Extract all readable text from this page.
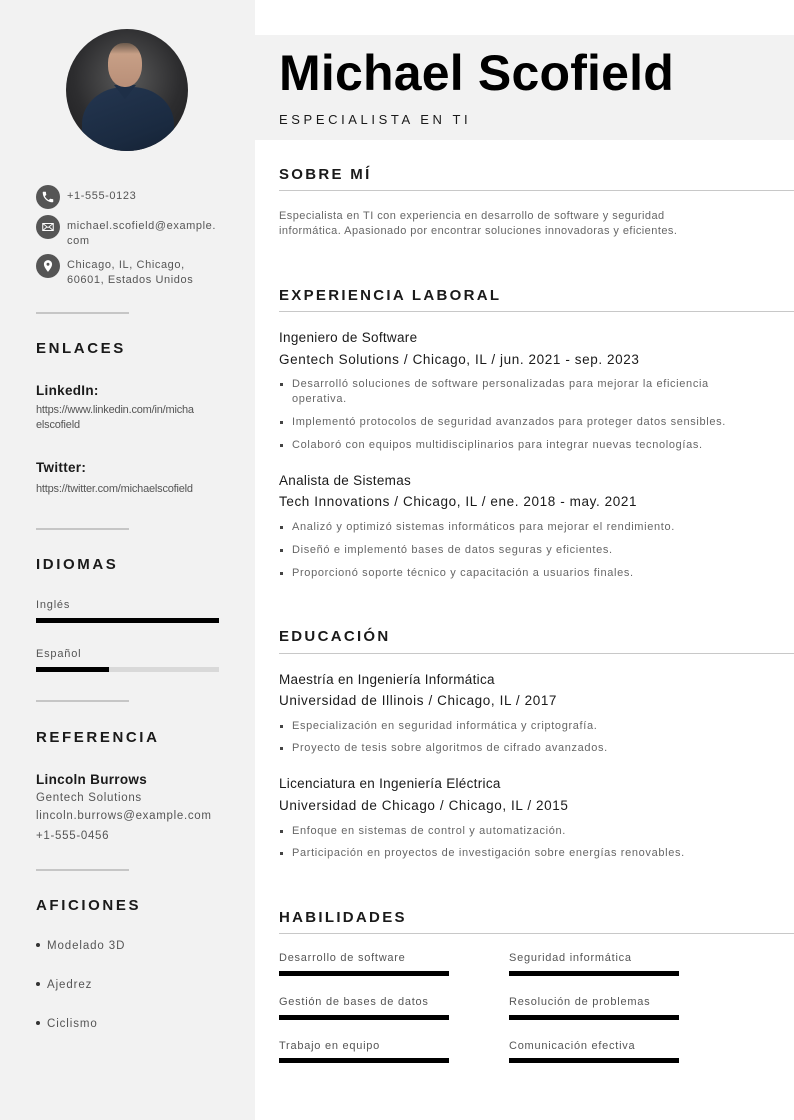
+1-555-0123
michael.scofield@example.
com
Chicago, IL, Chicago,
60601, Estados Unidos
ENLACES
LinkedIn:
https://www.linkedin.com/in/micha
elscofield
Twitter:
https://twitter.com/michaelscofield
IDIOMAS
Inglés
Español
REFERENCIA
Lincoln Burrows
Gentech Solutions
lincoln.burrows@example.com
+1-555-0456
AFICIONES
Modelado 3D
Ajedrez
Ciclismo
Michael Scofield
ESPECIALISTA EN TI
SOBRE MÍ
Especialista en TI con experiencia en desarrollo de software y seguridad
informática. Apasionado por encontrar soluciones innovadoras y eficientes.
EXPERIENCIA LABORAL
Ingeniero de Software
Gentech Solutions / Chicago, IL / jun. 2021 - sep. 2023
Desarrolló soluciones de software personalizadas para mejorar la eficiencia
operativa.
Implementó protocolos de seguridad avanzados para proteger datos sensibles.
Colaboró con equipos multidisciplinarios para integrar nuevas tecnologías.
Analista de Sistemas
Tech Innovations / Chicago, IL / ene. 2018 - may. 2021
Analizó y optimizó sistemas informáticos para mejorar el rendimiento.
Diseñó e implementó bases de datos seguras y eficientes.
Proporcionó soporte técnico y capacitación a usuarios finales.
EDUCACIÓN
Maestría en Ingeniería Informática
Universidad de Illinois / Chicago, IL / 2017
Especialización en seguridad informática y criptografía.
Proyecto de tesis sobre algoritmos de cifrado avanzados.
Licenciatura en Ingeniería Eléctrica
Universidad de Chicago / Chicago, IL / 2015
Enfoque en sistemas de control y automatización.
Participación en proyectos de investigación sobre energías renovables.
HABILIDADES
Desarrollo de software	Seguridad informática
Gestión de bases de datos	Resolución de problemas
Trabajo en equipo	Comunicación efectiva
